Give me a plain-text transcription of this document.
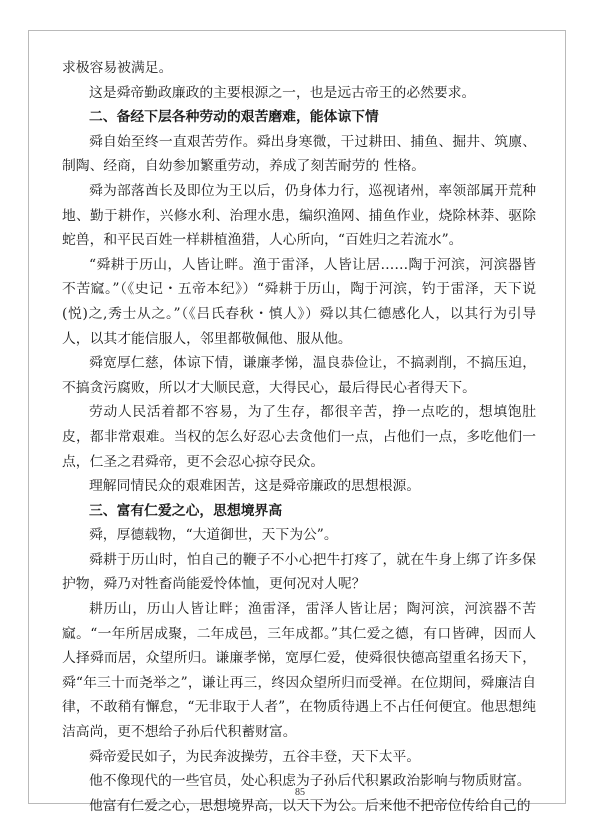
求极容易被满足。

这是舜帝勤政廉政的主要根源之一，也是远古帝王的必然要求。

二、备经下层各种劳动的艰苦磨难，能体谅下情

舜自始至终一直艰苦劳作。舜出身寒微，干过耕田、捕鱼、掘井、筑廪、制陶、经商，自幼参加繁重劳动，养成了刻苦耐劳的 性格。

舜为部落酋长及即位为王以后，仍身体力行，巡视诸州，率领部属开荒种地、勤于耕作，兴修水利、治理水患，编织渔网、捕鱼作业，烧除林莽、驱除蛇兽，和平民百姓一样耕植渔猎，人心所向，“百姓归之若流水”。

“舜耕于历山，人皆让畔。渔于雷泽，人皆让居……陶于河滨，河滨器皆不苦窳。”（《史记・五帝本纪》）“舜耕于历山，陶于河滨，钓于雷泽，天下说(悦)之,秀士从之。”（《吕氏春秋・慎人》）舜以其仁德感化人，以其行为引导人，以其才能信服人，邻里都敬佩他、服从他。

舜宽厚仁慈，体谅下情，谦廉孝悌，温良恭俭让，不搞剥削，不搞压迫，不搞贪污腐败，所以才大顺民意，大得民心，最后得民心者得天下。

劳动人民活着都不容易，为了生存，都很辛苦，挣一点吃的，想填饱肚皮，都非常艰难。当权的怎么好忍心去贪他们一点，占他们一点，多吃他们一点，仁圣之君舜帝，更不会忍心掠夺民众。

理解同情民众的艰难困苦，这是舜帝廉政的思想根源。

三、富有仁爱之心，思想境界高

舜，厚德载物，“大道御世，天下为公”。

舜耕于历山时，怕自己的鞭子不小心把牛打疼了，就在牛身上绑了许多保护物，舜乃对牲畜尚能爱怜体恤，更何况对人呢？

耕历山，历山人皆让畔；渔雷泽，雷泽人皆让居；陶河滨，河滨器不苦窳。“一年所居成聚，二年成邑，三年成都。”其仁爱之德，有口皆碑，因而人人择舜而居，众望所归。谦廉孝悌，宽厚仁爱，使舜很快德高望重名扬天下，舜“年三十而尧举之”，谦让再三，终因众望所归而受禅。在位期间，舜廉洁自律，不敢稍有懈怠，“无非取于人者”，在物质待遇上不占任何便宜。他思想纯洁高尚，更不想给子孙后代积蓄财富。

舜帝爱民如子，为民奔波操劳，五谷丰登，天下太平。

他不像现代的一些官员，处心积虑为子孙后代积累政治影响与物质财富。

他富有仁爱之心，思想境界高，以天下为公。后来他不把帝位传给自己的

85
